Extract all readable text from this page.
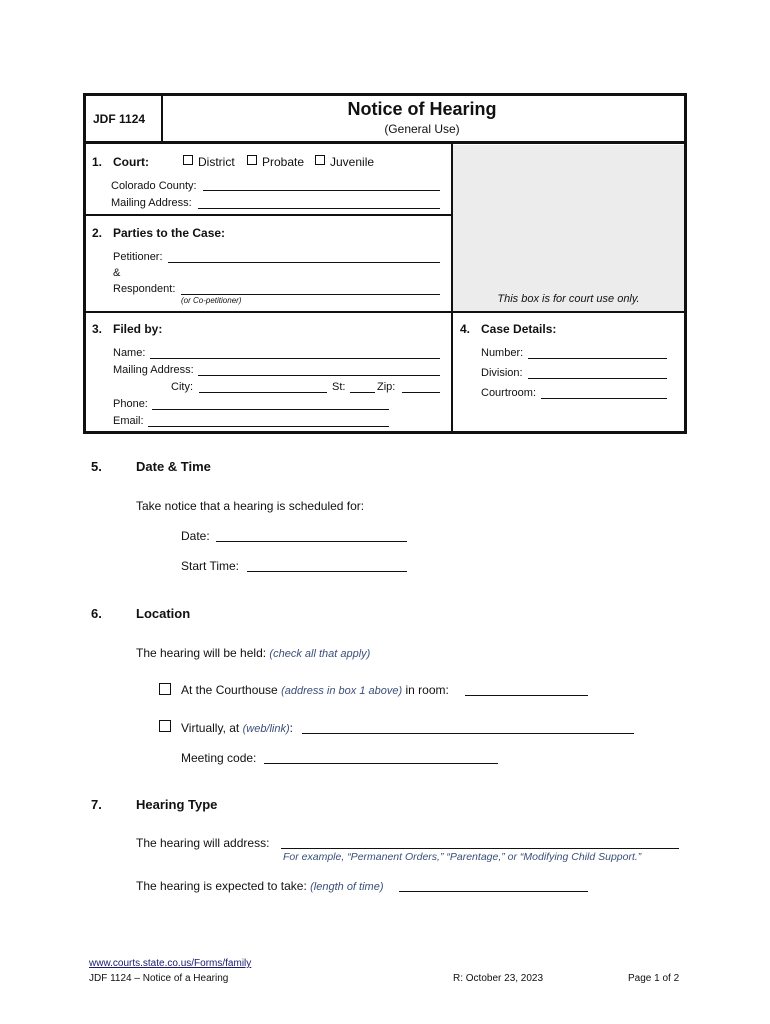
JDF 1124	Notice of Hearing
(General Use)
1. Court:	District Probate Juvenile
Colorado County:
Mailing Address:
This box is for court use only.
2. Parties to the Case:
Petitioner:
&
Respondent:
(or Co-petitioner)
3. Filed by:
Name:
Mailing Address:
City:	St:	Zip:
Phone:
Email:
4. Case Details:
Number:
Division:
Courtroom:
5.	Date & Time
Take notice that a hearing is scheduled for:
Date:
Start Time:
6.	Location
The hearing will be held: (check all that apply)
At the Courthouse (address in box 1 above) in room:
Virtually, at (web/link):
Meeting code:
7.	Hearing Type
The hearing will address:
For example, “Permanent Orders,” “Parentage,” or “Modifying Child Support.”
The hearing is expected to take: (length of time)
www.courts.state.co.us/Forms/family
JDF 1124 – Notice of a Hearing	R: October 23, 2023	Page 1 of 2
